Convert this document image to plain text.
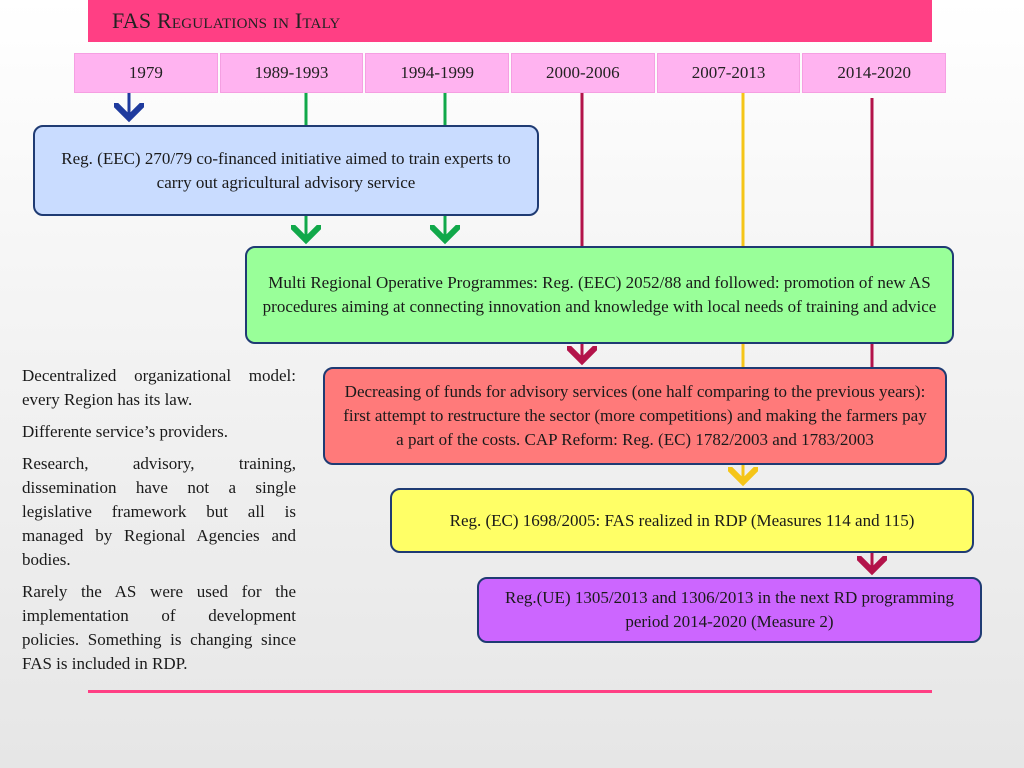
FAS Regulations in Italy
1979	1989-1993	1994-1999	2000-2006	2007-2013	2014-2020
Reg. (EEC) 270/79 co-financed initiative aimed to train experts to carry out agricultural advisory service
Multi Regional Operative Programmes: Reg. (EEC) 2052/88 and followed: promotion of new AS procedures aiming at connecting innovation and knowledge with local needs of training and advice
Decreasing of funds for advisory services (one half comparing to the previous years): first attempt to restructure the sector (more competitions) and making the farmers pay a part of the costs. CAP Reform: Reg. (EC) 1782/2003 and 1783/2003
Reg. (EC) 1698/2005: FAS realized in RDP (Measures 114 and 115)
Reg.(UE) 1305/2013 and 1306/2013 in the next RD programming period 2014-2020 (Measure 2)

Decentralized organizational model: every Region has its law.

Differente service’s providers.

Research, advisory, training, dissemination have not a single legislative framework but all is managed by Regional Agencies and bodies.

Rarely the AS were used for the implementation of development policies. Something is changing since FAS is included in RDP.
